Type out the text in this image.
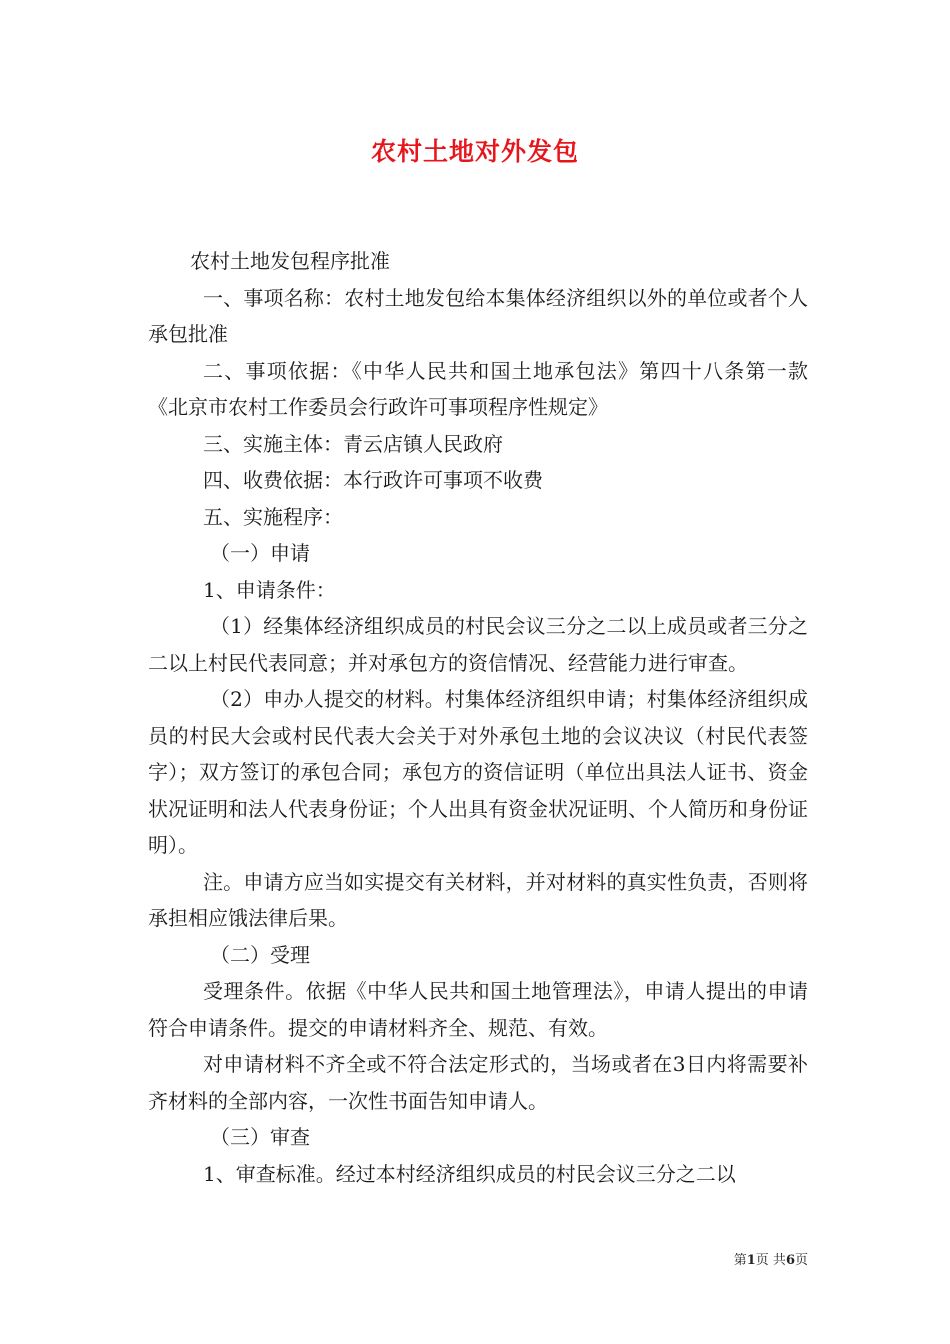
农村土地对外发包

农村土地发包程序批准

一、事项名称：农村土地发包给本集体经济组织以外的单位或者个人承包批准

二、事项依据：《中华人民共和国土地承包法》第四十八条第一款《北京市农村工作委员会行政许可事项程序性规定》

三、实施主体：青云店镇人民政府

四、收费依据：本行政许可事项不收费

五、实施程序：

（一）申请

1、申请条件：

（1）经集体经济组织成员的村民会议三分之二以上成员或者三分之二以上村民代表同意；并对承包方的资信情况、经营能力进行审查。

（2）申办人提交的材料。村集体经济组织申请；村集体经济组织成员的村民大会或村民代表大会关于对外承包土地的会议决议（村民代表签字）；双方签订的承包合同；承包方的资信证明（单位出具法人证书、资金状况证明和法人代表身份证；个人出具有资金状况证明、个人简历和身份证明）。

注。申请方应当如实提交有关材料，并对材料的真实性负责，否则将承担相应饿法律后果。

（二）受理

受理条件。依据《中华人民共和国土地管理法》，申请人提出的申请符合申请条件。提交的申请材料齐全、规范、有效。

对申请材料不齐全或不符合法定形式的，当场或者在3日内将需要补齐材料的全部内容，一次性书面告知申请人。

（三）审查

1、审查标准。经过本村经济组织成员的村民会议三分之二以

第1页 共6页
